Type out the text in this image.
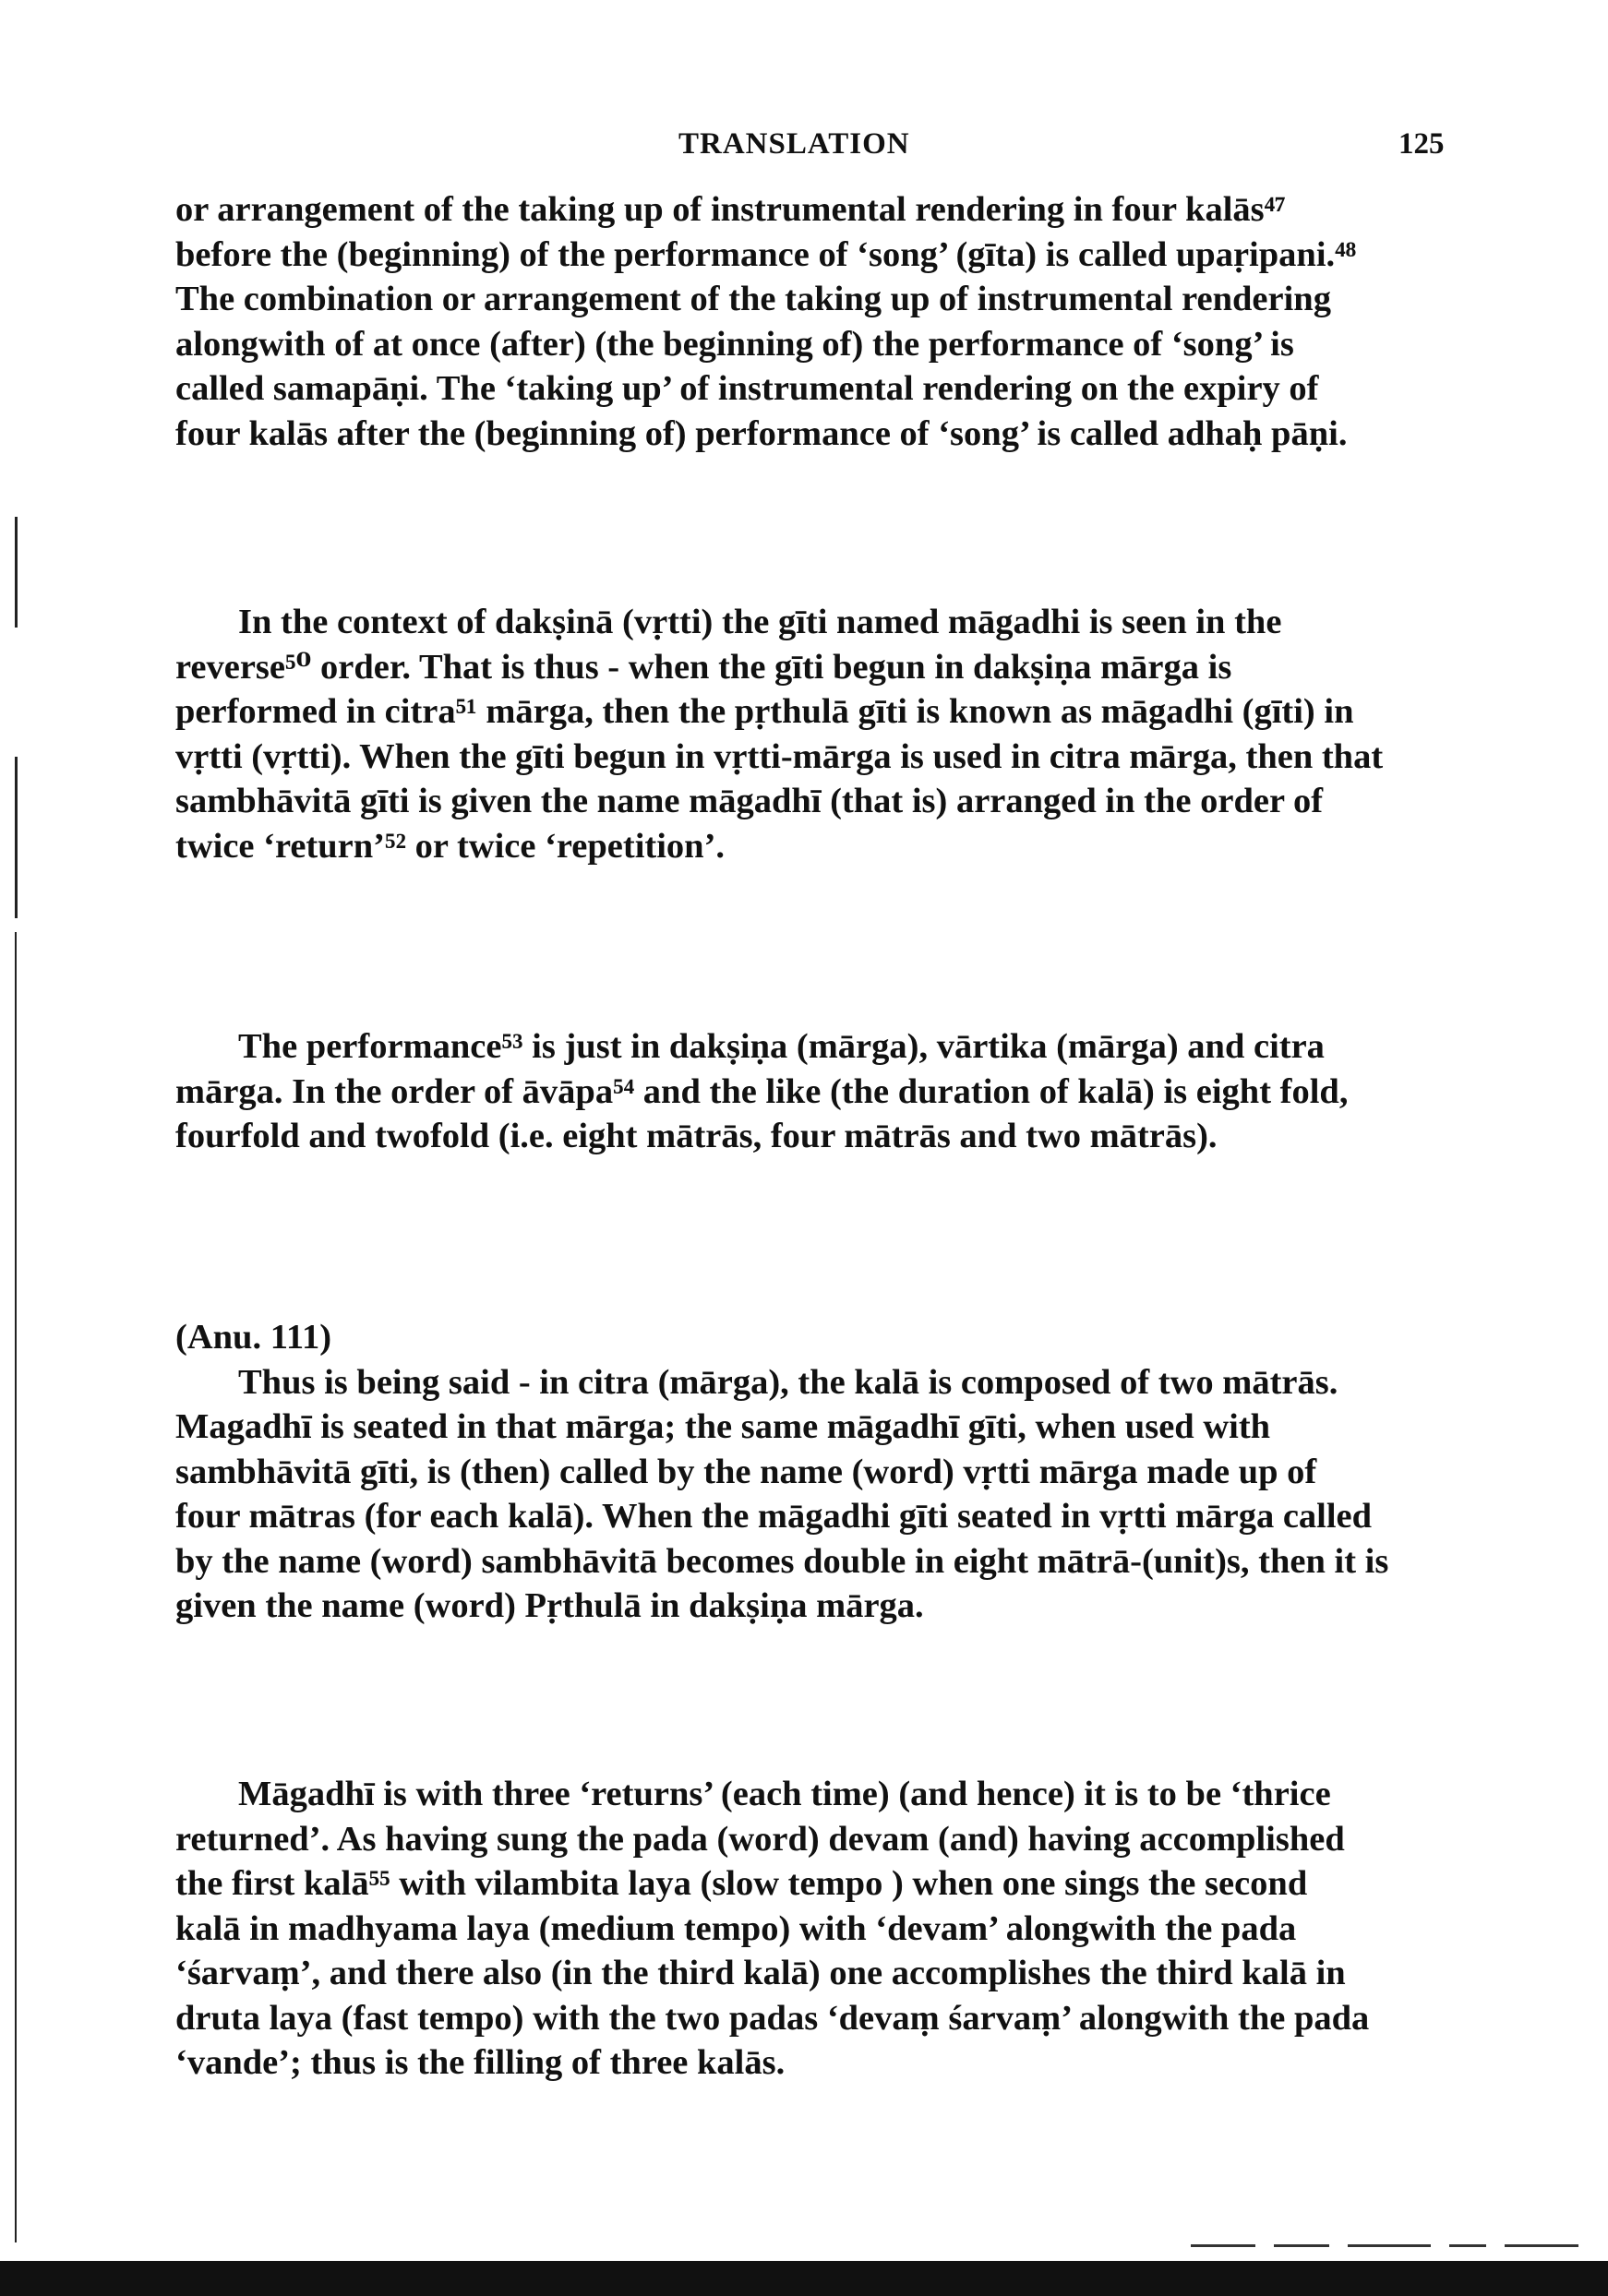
TRANSLATION	125
or arrangement of the taking up of instrumental rendering in four kalās⁴⁷
before the (beginning) of the performance of ‘song’ (gīta) is called upaṛipani.⁴⁸
The combination or arrangement of the taking up of instrumental rendering
alongwith of at once (after) (the beginning of) the performance of ‘song’ is
called samapāṇi. The ‘taking up’ of instrumental rendering on the expiry of
four kalās after the (beginning of) performance of ‘song’ is called adhaḥ pāṇi.
In the context of dakṣinā (vṛtti) the gīti named māgadhi is seen in the
reverse⁵⁰ order. That is thus - when the gīti begun in dakṣiṇa mārga is
performed in citra⁵¹ mārga, then the pṛthulā gīti is known as māgadhi (gīti) in
vṛtti (vṛtti). When the gīti begun in vṛtti-mārga is used in citra mārga, then that
sambhāvitā gīti is given the name māgadhī (that is) arranged in the order of
twice ‘return’⁵² or twice ‘repetition’.
The performance⁵³ is just in dakṣiṇa (mārga), vārtika (mārga) and citra
mārga. In the order of āvāpa⁵⁴ and the like (the duration of kalā) is eight fold,
fourfold and twofold (i.e. eight mātrās, four mātrās and two mātrās).
(Anu. 111)
Thus is being said - in citra (mārga), the kalā is composed of two mātrās.
Magadhī is seated in that mārga; the same māgadhī gīti, when used with
sambhāvitā gīti, is (then) called by the name (word) vṛtti mārga made up of
four mātras (for each kalā). When the māgadhi gīti seated in vṛtti mārga called
by the name (word) sambhāvitā becomes double in eight mātrā-(unit)s, then it is
given the name (word) Pṛthulā in dakṣiṇa mārga.
Māgadhī is with three ‘returns’ (each time) (and hence) it is to be ‘thrice
returned’. As having sung the pada (word) devam (and) having accomplished
the first kalā⁵⁵ with vilambita laya (slow tempo ) when one sings the second
kalā in madhyama laya (medium tempo) with ‘devam’ alongwith the pada
‘śarvaṃ’, and there also (in the third kalā) one accomplishes the third kalā in
druta laya (fast tempo) with the two padas ‘devaṃ śarvaṃ’ alongwith the pada
‘vande’; thus is the filling of three kalās.
